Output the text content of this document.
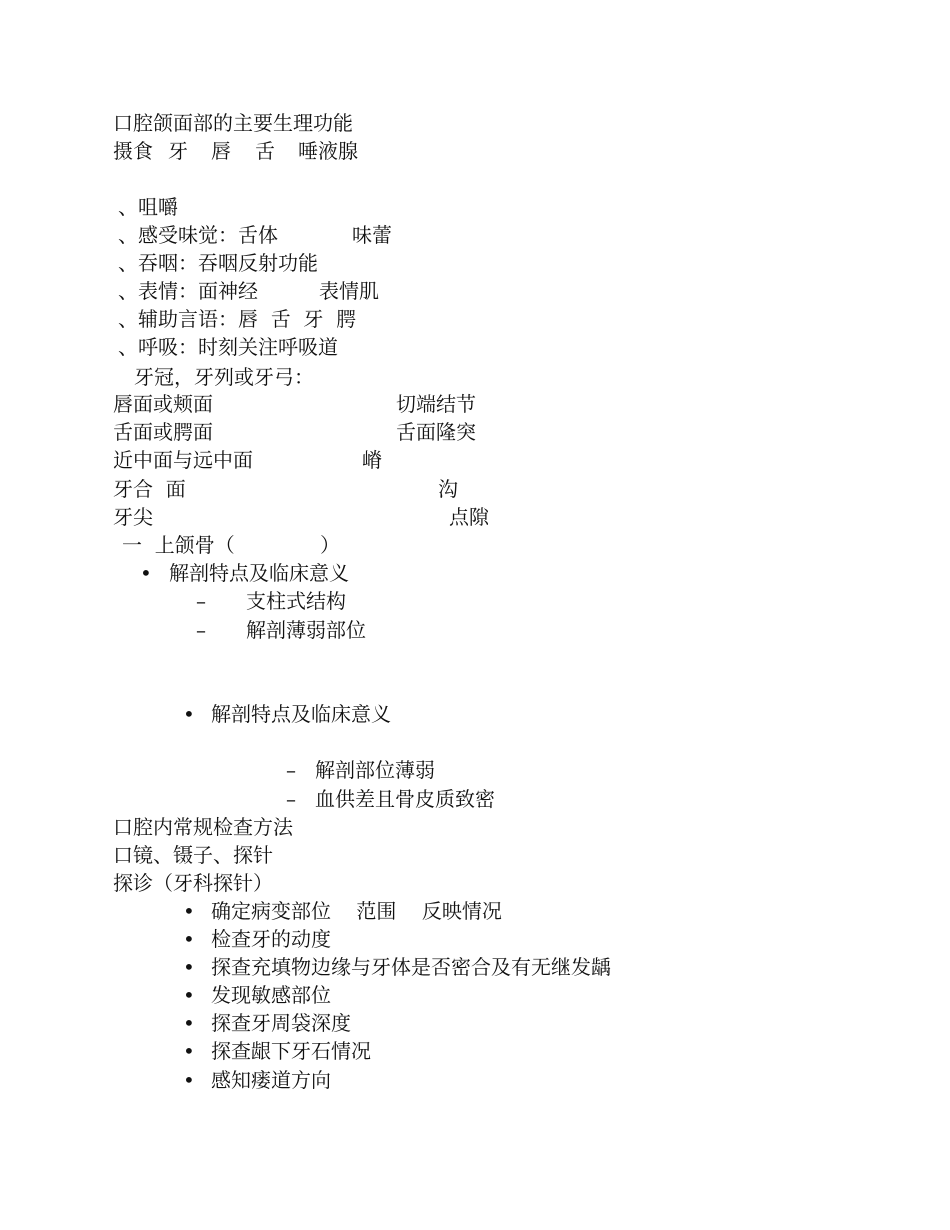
口腔颌面部的主要生理功能
摄食 牙 唇 舌 唾液腺
、咀嚼
、感受味觉：舌体	味蕾
、吞咽：吞咽反射功能
、表情：面神经	表情肌
、辅助言语：唇  舌  牙  腭
、呼吸：时刻关注呼吸道
牙冠，牙列或牙弓：
唇面或颊面	切端结节
舌面或腭面	舌面隆突
近中面与远中面	嵴
牙合  面	沟
牙尖	点隙
一  上颌骨（	）
• 解剖特点及临床意义
– 支柱式结构
– 解剖薄弱部位
• 解剖特点及临床意义
– 解剖部位薄弱
– 血供差且骨皮质致密
口腔内常规检查方法
口镜、镊子、探针
探诊（牙科探针）
• 确定病变部位    范围    反映情况
• 检查牙的动度
• 探查充填物边缘与牙体是否密合及有无继发龋
• 发现敏感部位
• 探查牙周袋深度
• 探查龈下牙石情况
• 感知瘘道方向
